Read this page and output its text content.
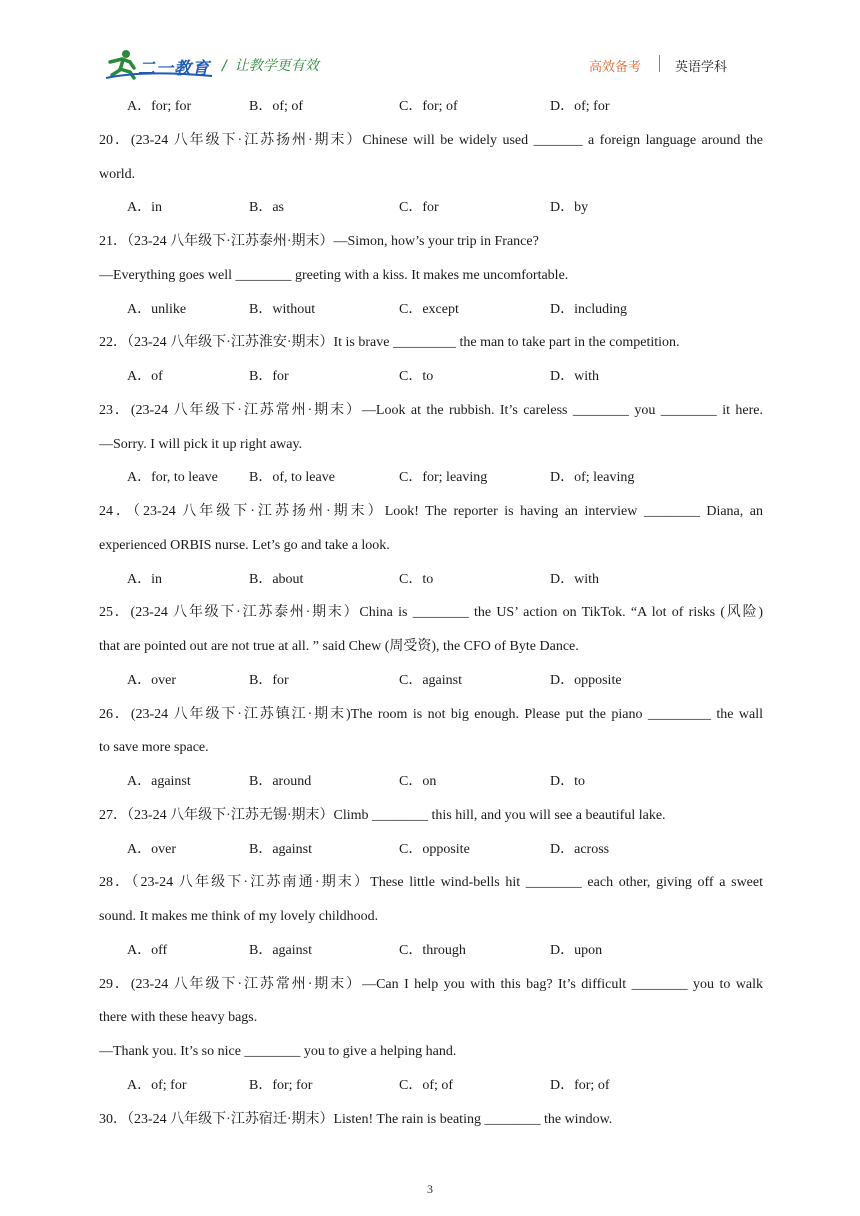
二一教育 / 让教学更有效	高效备考	英语学科
A．for; for	B．of; of	C．for; of	D．of; for
20．(23-24 八年级下·江苏扬州·期末）Chinese will be widely used _______ a foreign language around the
world.
A．in	B．as	C．for	D．by
21．（23-24 八年级下·江苏泰州·期末）—Simon, how’s your trip in France?
—Everything goes well ________ greeting with a kiss. It makes me uncomfortable.
A．unlike	B．without	C．except	D．including
22．（23-24 八年级下·江苏淮安·期末）It is brave _________ the man to take part in the competition.
A．of	B．for	C．to	D．with
23．(23-24 八年级下·江苏常州·期末）—Look at the rubbish. It’s careless ________ you ________ it here.
—Sorry. I will pick it up right away.
A．for, to leave B．of, to leave	C．for; leaving	D．of; leaving
24．（23-24 八年级下·江苏扬州·期末）Look! The reporter is having an interview ________ Diana, an
experienced ORBIS nurse. Let’s go and take a look.
A．in	B．about	C．to	D．with
25．(23-24 八年级下·江苏泰州·期末）China is ________ the US’ action on TikTok. “A lot of risks (风险)
that are pointed out are not true at all. ” said Chew (周受资), the CFO of Byte Dance.
A．over	B．for	C．against	D．opposite
26．(23-24 八年级下·江苏镇江·期末)The room is not big enough. Please put the piano _________ the wall
to save more space.
A．against	B．around	C．on	D．to
27．（23-24 八年级下·江苏无锡·期末）Climb ________ this hill, and you will see a beautiful lake.
A．over	B．against	C．opposite	D．across
28．（23-24 八年级下·江苏南通·期末）These little wind-bells hit ________ each other, giving off a sweet
sound. It makes me think of my lovely childhood.
A．off	B．against	C．through	D．upon
29．(23-24 八年级下·江苏常州·期末）—Can I help you with this bag? It’s difficult ________ you to walk
there with these heavy bags.
—Thank you. It’s so nice ________ you to give a helping hand.
A．of; for	B．for; for	C．of; of	D．for; of
30．（23-24 八年级下·江苏宿迁·期末）Listen! The rain is beating ________ the window.
3
